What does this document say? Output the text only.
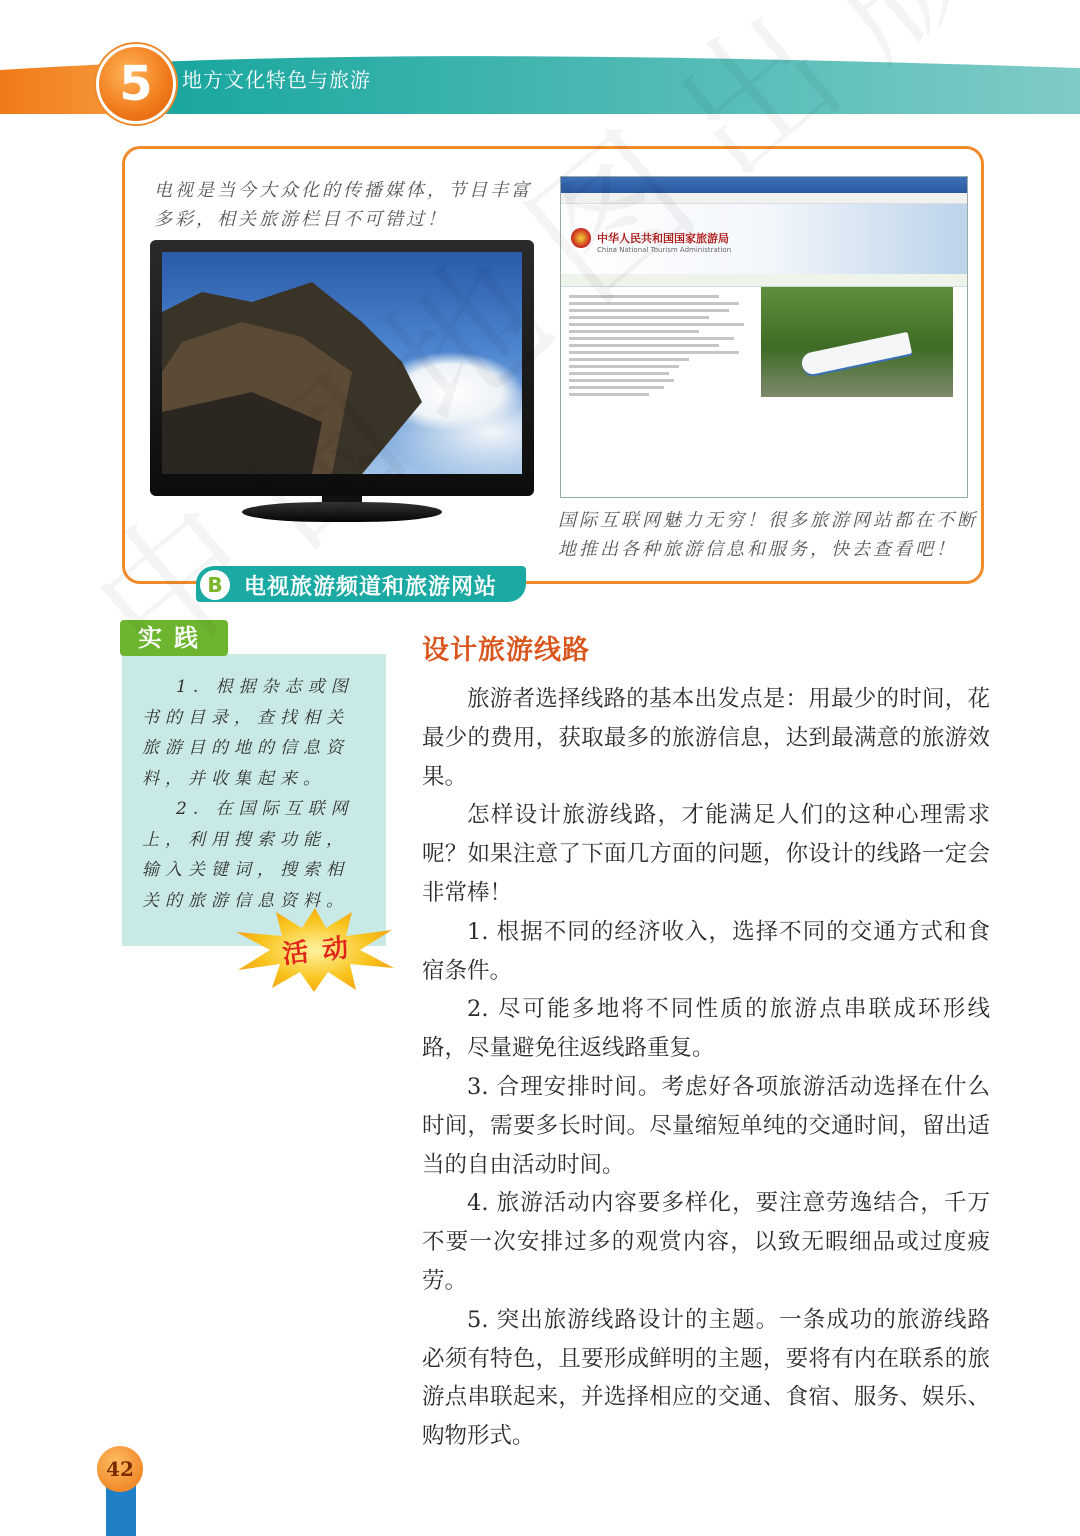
5	地方文化特色与旅游
电视是当今大众化的传播媒体，节目丰富多彩，相关旅游栏目不可错过！
中华人民共和国国家旅游局
China National Tourism Administration
国际互联网魅力无穷！很多旅游网站都在不断地推出各种旅游信息和服务，快去查看吧！
B 电视旅游频道和旅游网站
实践

1. 根据杂志或图书的目录，查找相关旅游目的地的信息资料，并收集起来。

2. 在国际互联网上，利用搜索功能，输入关键词，搜索相关的旅游信息资料。

活动
设计旅游线路

旅游者选择线路的基本出发点是：用最少的时间，花最少的费用，获取最多的旅游信息，达到最满意的旅游效果。

怎样设计旅游线路，才能满足人们的这种心理需求呢？如果注意了下面几方面的问题，你设计的线路一定会非常棒！

1. 根据不同的经济收入，选择不同的交通方式和食宿条件。

2. 尽可能多地将不同性质的旅游点串联成环形线路，尽量避免往返线路重复。

3. 合理安排时间。考虑好各项旅游活动选择在什么时间，需要多长时间。尽量缩短单纯的交通时间，留出适当的自由活动时间。

4. 旅游活动内容要多样化，要注意劳逸结合，千万不要一次安排过多的观赏内容，以致无暇细品或过度疲劳。

5. 突出旅游线路设计的主题。一条成功的旅游线路必须有特色，且要形成鲜明的主题，要将有内在联系的旅游点串联起来，并选择相应的交通、食宿、服务、娱乐、购物形式。

42
